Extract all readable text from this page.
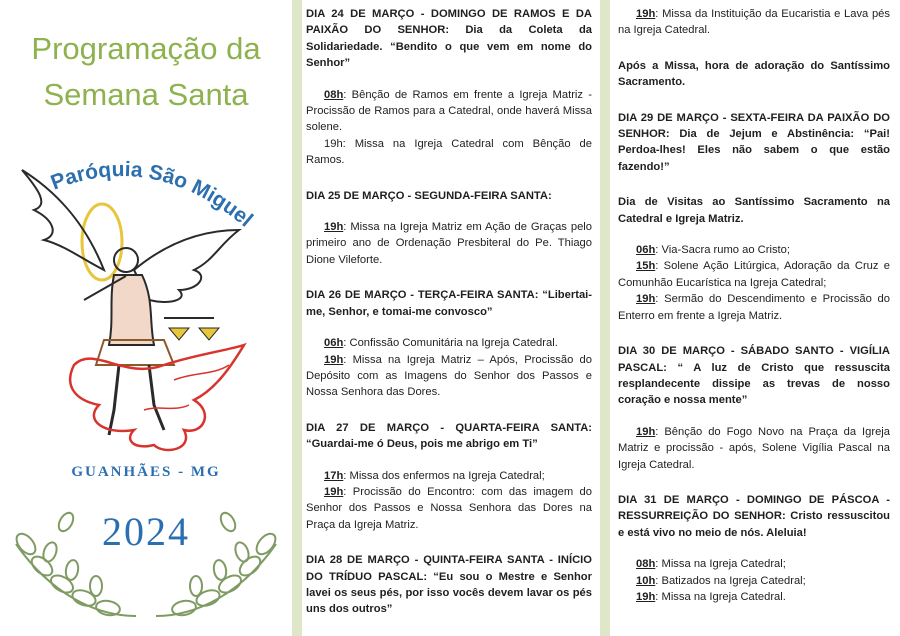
Programação da
Semana Santa
Paróquia São Miguel
GUANHÃES - MG
2024
DIA 24 DE MARÇO - DOMINGO DE RAMOS E DA PAIXÃO DO SENHOR: Dia da Coleta da Solidariedade. “Bendito o que vem em nome do Senhor”
08h: Bênção de Ramos em frente a Igreja Matriz - Procissão de Ramos para a Catedral, onde haverá Missa solene.
19h: Missa na Igreja Catedral com Bênção de Ramos.
DIA 25 DE MARÇO - SEGUNDA-FEIRA SANTA:
19h: Missa na Igreja Matriz em Ação de Graças pelo primeiro ano de Ordenação Presbiteral do Pe. Thiago Dione Vileforte.
DIA 26 DE MARÇO - TERÇA-FEIRA SANTA: “Libertai-me, Senhor, e tomai-me convosco”
06h: Confissão Comunitária na Igreja Catedral.
19h: Missa na Igreja Matriz – Após, Procissão do Depósito com as Imagens do Senhor dos Passos e Nossa Senhora das Dores.
DIA 27 DE MARÇO - QUARTA-FEIRA SANTA: “Guardai-me ó Deus, pois me abrigo em Ti”
17h: Missa dos enfermos na Igreja Catedral;
19h: Procissão do Encontro: com das imagem do Senhor dos Passos e Nossa Senhora das Dores na Praça da Igreja Matriz.
DIA 28 DE MARÇO - QUINTA-FEIRA SANTA - INÍCIO DO TRÍDUO PASCAL: “Eu sou o Mestre e Senhor lavei os seus pés, por isso vocês devem lavar os pés uns dos outros”
19h: Missa da Instituição da Eucaristia e Lava pés na Igreja Catedral.
Após a Missa, hora de adoração do Santíssimo Sacramento.
DIA 29 DE MARÇO - SEXTA-FEIRA DA PAIXÃO DO SENHOR: Dia de Jejum e Abstinência: “Pai! Perdoa-lhes! Eles não sabem o que estão fazendo!”
Dia de Visitas ao Santíssimo Sacramento na Catedral e Igreja Matriz.
06h: Via-Sacra rumo ao Cristo;
15h: Solene Ação Litúrgica, Adoração da Cruz e Comunhão Eucarística na Igreja Catedral;
19h: Sermão do Descendimento e Procissão do Enterro em frente a Igreja Matriz.
DIA 30 DE MARÇO - SÁBADO SANTO - VIGÍLIA PASCAL: “ A luz de Cristo que ressuscita resplandecente dissipe as trevas de nosso coração e nossa mente”
19h: Bênção do Fogo Novo na Praça da Igreja Matriz e procissão - após, Solene Vigília Pascal na Igreja Catedral.
DIA 31 DE MARÇO - DOMINGO DE PÁSCOA - RESSURREIÇÃO DO SENHOR: Cristo ressuscitou e está vivo no meio de nós. Aleluia!
08h: Missa na Igreja Catedral;
10h: Batizados na Igreja Catedral;
19h: Missa na Igreja Catedral.
